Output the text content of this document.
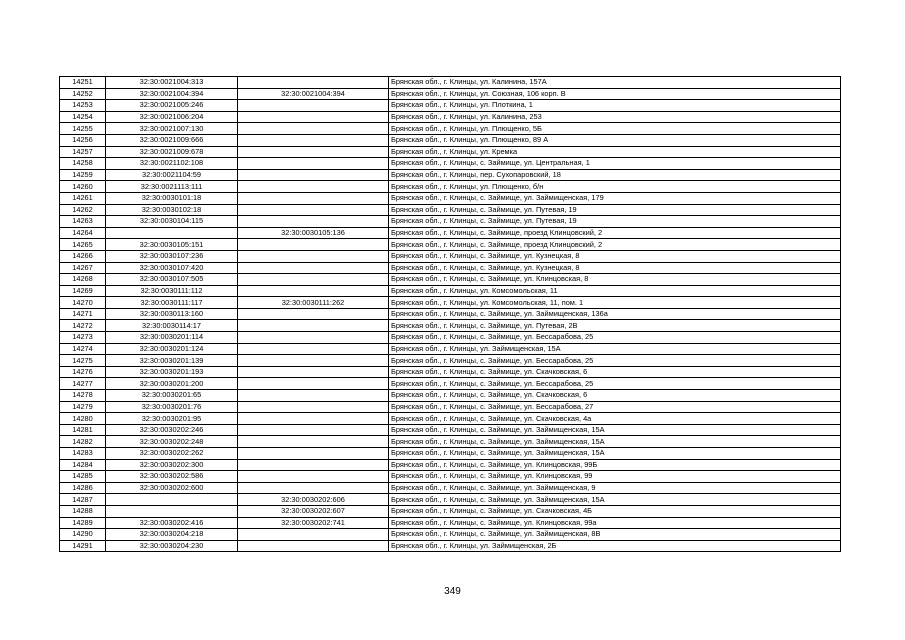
14251	32:30:0021004:313		Брянская обл., г. Клинцы, ул. Калинина, 157А
14252	32:30:0021004:394	32:30:0021004:394	Брянская обл., г. Клинцы, ул. Союзная, 106 корп. В
14253	32:30:0021005:246		Брянская обл., г. Клинцы, ул. Плоткина, 1
14254	32:30:0021006:204		Брянская обл., г. Клинцы, ул. Калинина, 253
14255	32:30:0021007:130		Брянская обл., г. Клинцы, ул. Плющенко, 5Б
14256	32:30:0021009:666		Брянская обл., г. Клинцы, ул. Плющенко, 89 А
14257	32:30:0021009:678		Брянская обл., г. Клинцы, ул. Кремка
14258	32:30:0021102:108		Брянская обл., г. Клинцы, с. Займище, ул. Центральная, 1
14259	32:30:0021104:59		Брянская обл., г. Клинцы, пер. Сухопаровский, 18
14260	32:30:0021113:111		Брянская обл., г. Клинцы, ул. Плющенко, б/н
14261	32:30:0030101:18		Брянская обл., г. Клинцы, с. Займище, ул. Займищенская, 179
14262	32:30:0030102:18		Брянская обл., г. Клинцы, с. Займище, ул. Путевая, 19
14263	32:30:0030104:115		Брянская обл., г. Клинцы, с. Займище, ул. Путевая, 19
14264		32:30:0030105:136	Брянская обл., г. Клинцы, с. Займище, проезд Клинцовский, 2
14265	32:30:0030105:151		Брянская обл., г. Клинцы, с. Займище, проезд Клинцовский, 2
14266	32:30:0030107:236		Брянская обл., г. Клинцы, с. Займище, ул. Кузнецкая, 8
14267	32:30:0030107:420		Брянская обл., г. Клинцы, с. Займище, ул. Кузнецкая, 8
14268	32:30:0030107:505		Брянская обл., г. Клинцы, с. Займище, ул. Клинцовская, 8
14269	32:30:0030111:112		Брянская обл., г. Клинцы, ул. Комсомольская, 11
14270	32:30:0030111:117	32:30:0030111:262	Брянская обл., г. Клинцы, ул. Комсомольская, 11, пом. 1
14271	32:30:0030113:160		Брянская обл., г. Клинцы, с. Займище, ул. Займищенская, 136а
14272	32:30:0030114:17		Брянская обл., г. Клинцы, с. Займище, ул. Путевая, 2В
14273	32:30:0030201:114		Брянская обл., г. Клинцы, с. Займище, ул. Бессарабова, 25
14274	32:30:0030201:124		Брянская обл., г. Клинцы, ул. Займищенская, 15А
14275	32:30:0030201:139		Брянская обл., г. Клинцы, с. Займище, ул. Бессарабова, 25
14276	32:30:0030201:193		Брянская обл., г. Клинцы, с. Займище, ул. Скачковская, 6
14277	32:30:0030201:200		Брянская обл., г. Клинцы, с. Займище, ул. Бессарабова, 25
14278	32:30:0030201:65		Брянская обл., г. Клинцы, с. Займище, ул. Скачковская, 6
14279	32:30:0030201:76		Брянская обл., г. Клинцы, с. Займище, ул. Бессарабова, 27
14280	32:30:0030201:95		Брянская обл., г. Клинцы, с. Займище, ул. Скачковская, 4а
14281	32:30:0030202:246		Брянская обл., г. Клинцы, с. Займище, ул. Займищенская, 15А
14282	32:30:0030202:248		Брянская обл., г. Клинцы, с. Займище, ул. Займищенская, 15А
14283	32:30:0030202:262		Брянская обл., г. Клинцы, с. Займище, ул. Займищенская, 15А
14284	32:30:0030202:300		Брянская обл., г. Клинцы, с. Займище, ул. Клинцовская, 99Б
14285	32:30:0030202:586		Брянская обл., г. Клинцы, с. Займище, ул. Клинцовская, 99
14286	32:30:0030202:600		Брянская обл., г. Клинцы, с. Займище, ул. Займищенская, 9
14287		32:30:0030202:606	Брянская обл., г. Клинцы, с. Займище, ул. Займищенская, 15А
14288		32:30:0030202:607	Брянская обл., г. Клинцы, с. Займище, ул. Скачковская, 4Б
14289	32:30:0030202:416	32:30:0030202:741	Брянская обл., г. Клинцы, с. Займище, ул. Клинцовская, 99а
14290	32:30:0030204:218		Брянская обл., г. Клинцы, с. Займище, ул. Займищенская, 8В
14291	32:30:0030204:230		Брянская обл., г. Клинцы, ул. Займищенская, 2Б
349
